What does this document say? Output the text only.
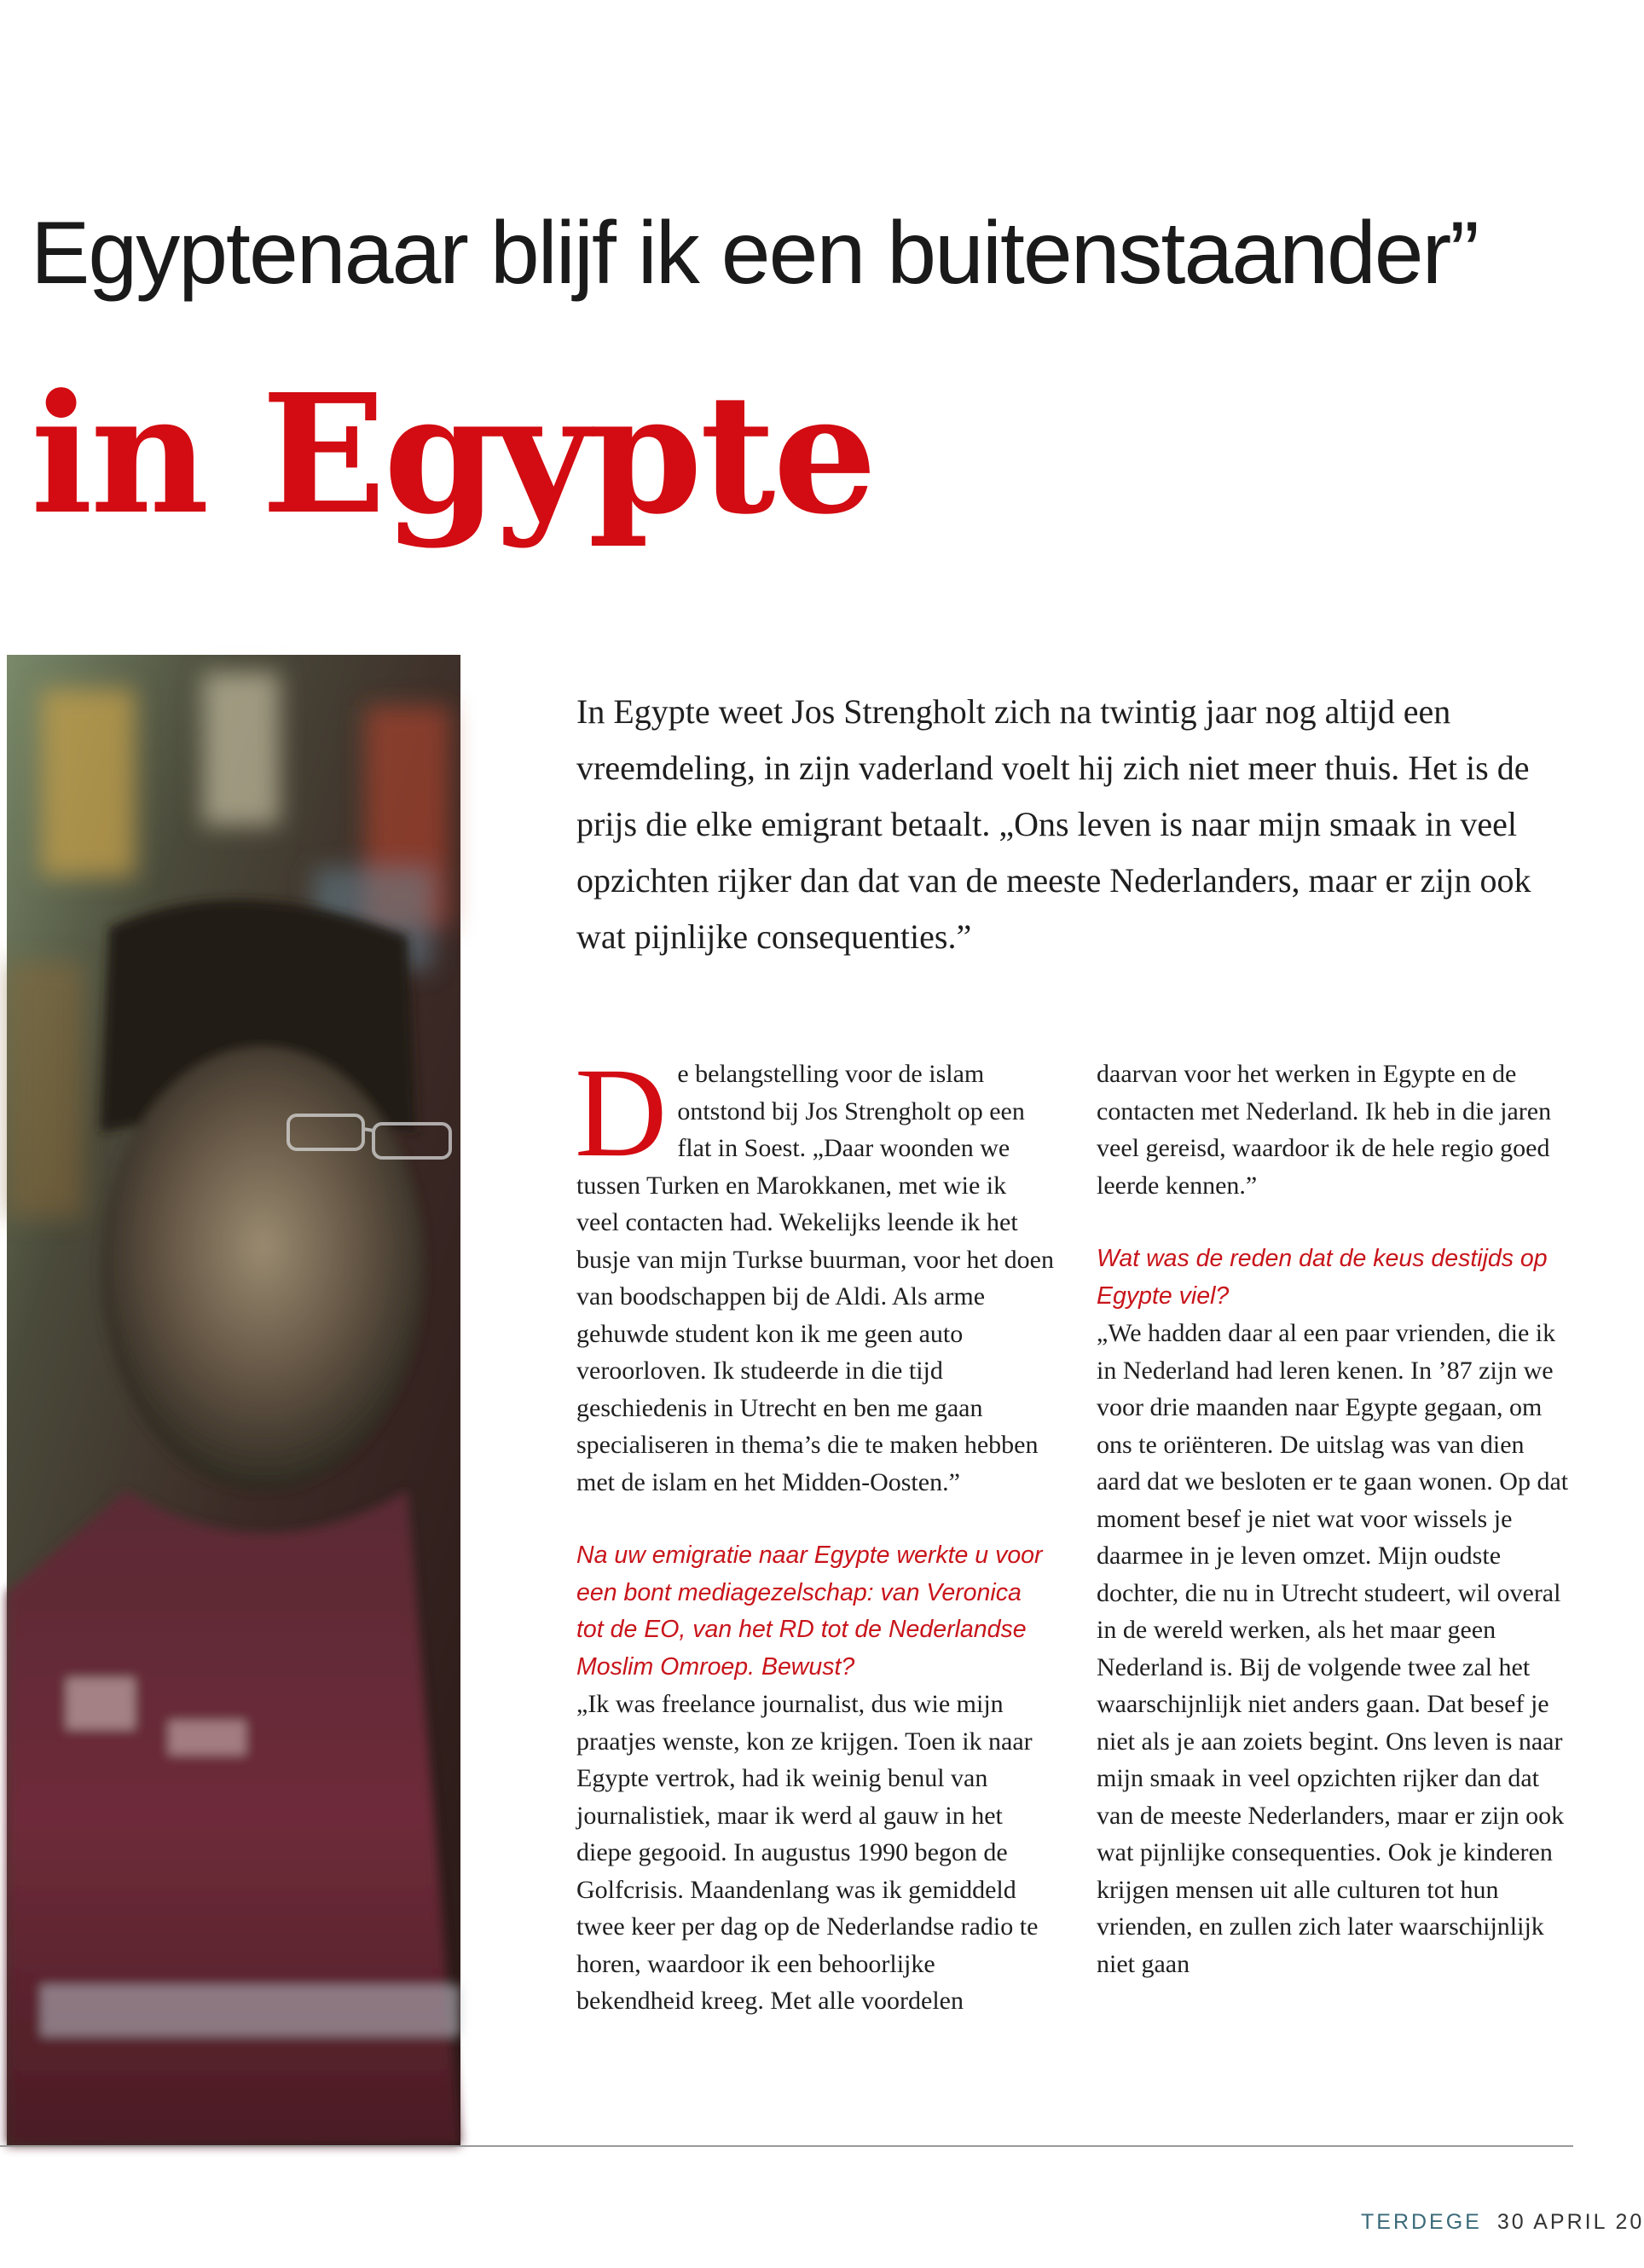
Egyptenaar blijf ik een buitenstaander”
in Egypte
In Egypte weet Jos Strengholt zich na twintig jaar nog altijd een vreemdeling, in zijn vaderland voelt hij zich niet meer thuis. Het is de prijs die elke emigrant betaalt. „Ons leven is naar mijn smaak in veel opzichten rijker dan dat van de meeste Nederlanders, maar er zijn ook wat pijnlijke consequenties.”

De belangstelling voor de islam ontstond bij Jos Strengholt op een flat in Soest. „Daar woonden we tussen Turken en Marokkanen, met wie ik veel contacten had. Wekelijks leende ik het busje van mijn Turkse buurman, voor het doen van boodschappen bij de Aldi. Als arme gehuwde student kon ik me geen auto veroorloven. Ik studeerde in die tijd geschiedenis in Utrecht en ben me gaan specialiseren in thema’s die te maken hebben met de islam en het Midden-Oosten.”

Na uw emigratie naar Egypte werkte u voor een bont mediagezelschap: van Veronica tot de EO, van het RD tot de Nederlandse Moslim Omroep. Bewust?

„Ik was freelance journalist, dus wie mijn praatjes wenste, kon ze krijgen. Toen ik naar Egypte vertrok, had ik weinig benul van journalistiek, maar ik werd al gauw in het diepe gegooid. In augustus 1990 begon de Golfcrisis. Maandenlang was ik gemiddeld twee keer per dag op de Nederlandse radio te horen, waardoor ik een behoorlijke bekendheid kreeg. Met alle voordelen

daarvan voor het werken in Egypte en de contacten met Nederland. Ik heb in die jaren veel gereisd, waardoor ik de hele regio goed leerde kennen.”

Wat was de reden dat de keus destijds op Egypte viel?

„We hadden daar al een paar vrienden, die ik in Nederland had leren kenen. In ’87 zijn we voor drie maanden naar Egypte gegaan, om ons te oriënteren. De uitslag was van dien aard dat we besloten er te gaan wonen. Op dat moment besef je niet wat voor wissels je daarmee in je leven omzet. Mijn oudste dochter, die nu in Utrecht studeert, wil overal in de wereld werken, als het maar geen Nederland is. Bij de volgende twee zal het waarschijnlijk niet anders gaan. Dat besef je niet als je aan zoiets begint. Ons leven is naar mijn smaak in veel opzichten rijker dan dat van de meeste Nederlanders, maar er zijn ook wat pijnlijke consequenties. Ook je kinderen krijgen mensen uit alle culturen tot hun vrienden, en zullen zich later waarschijnlijk niet gaan

TERDEGE 30 APRIL 20
